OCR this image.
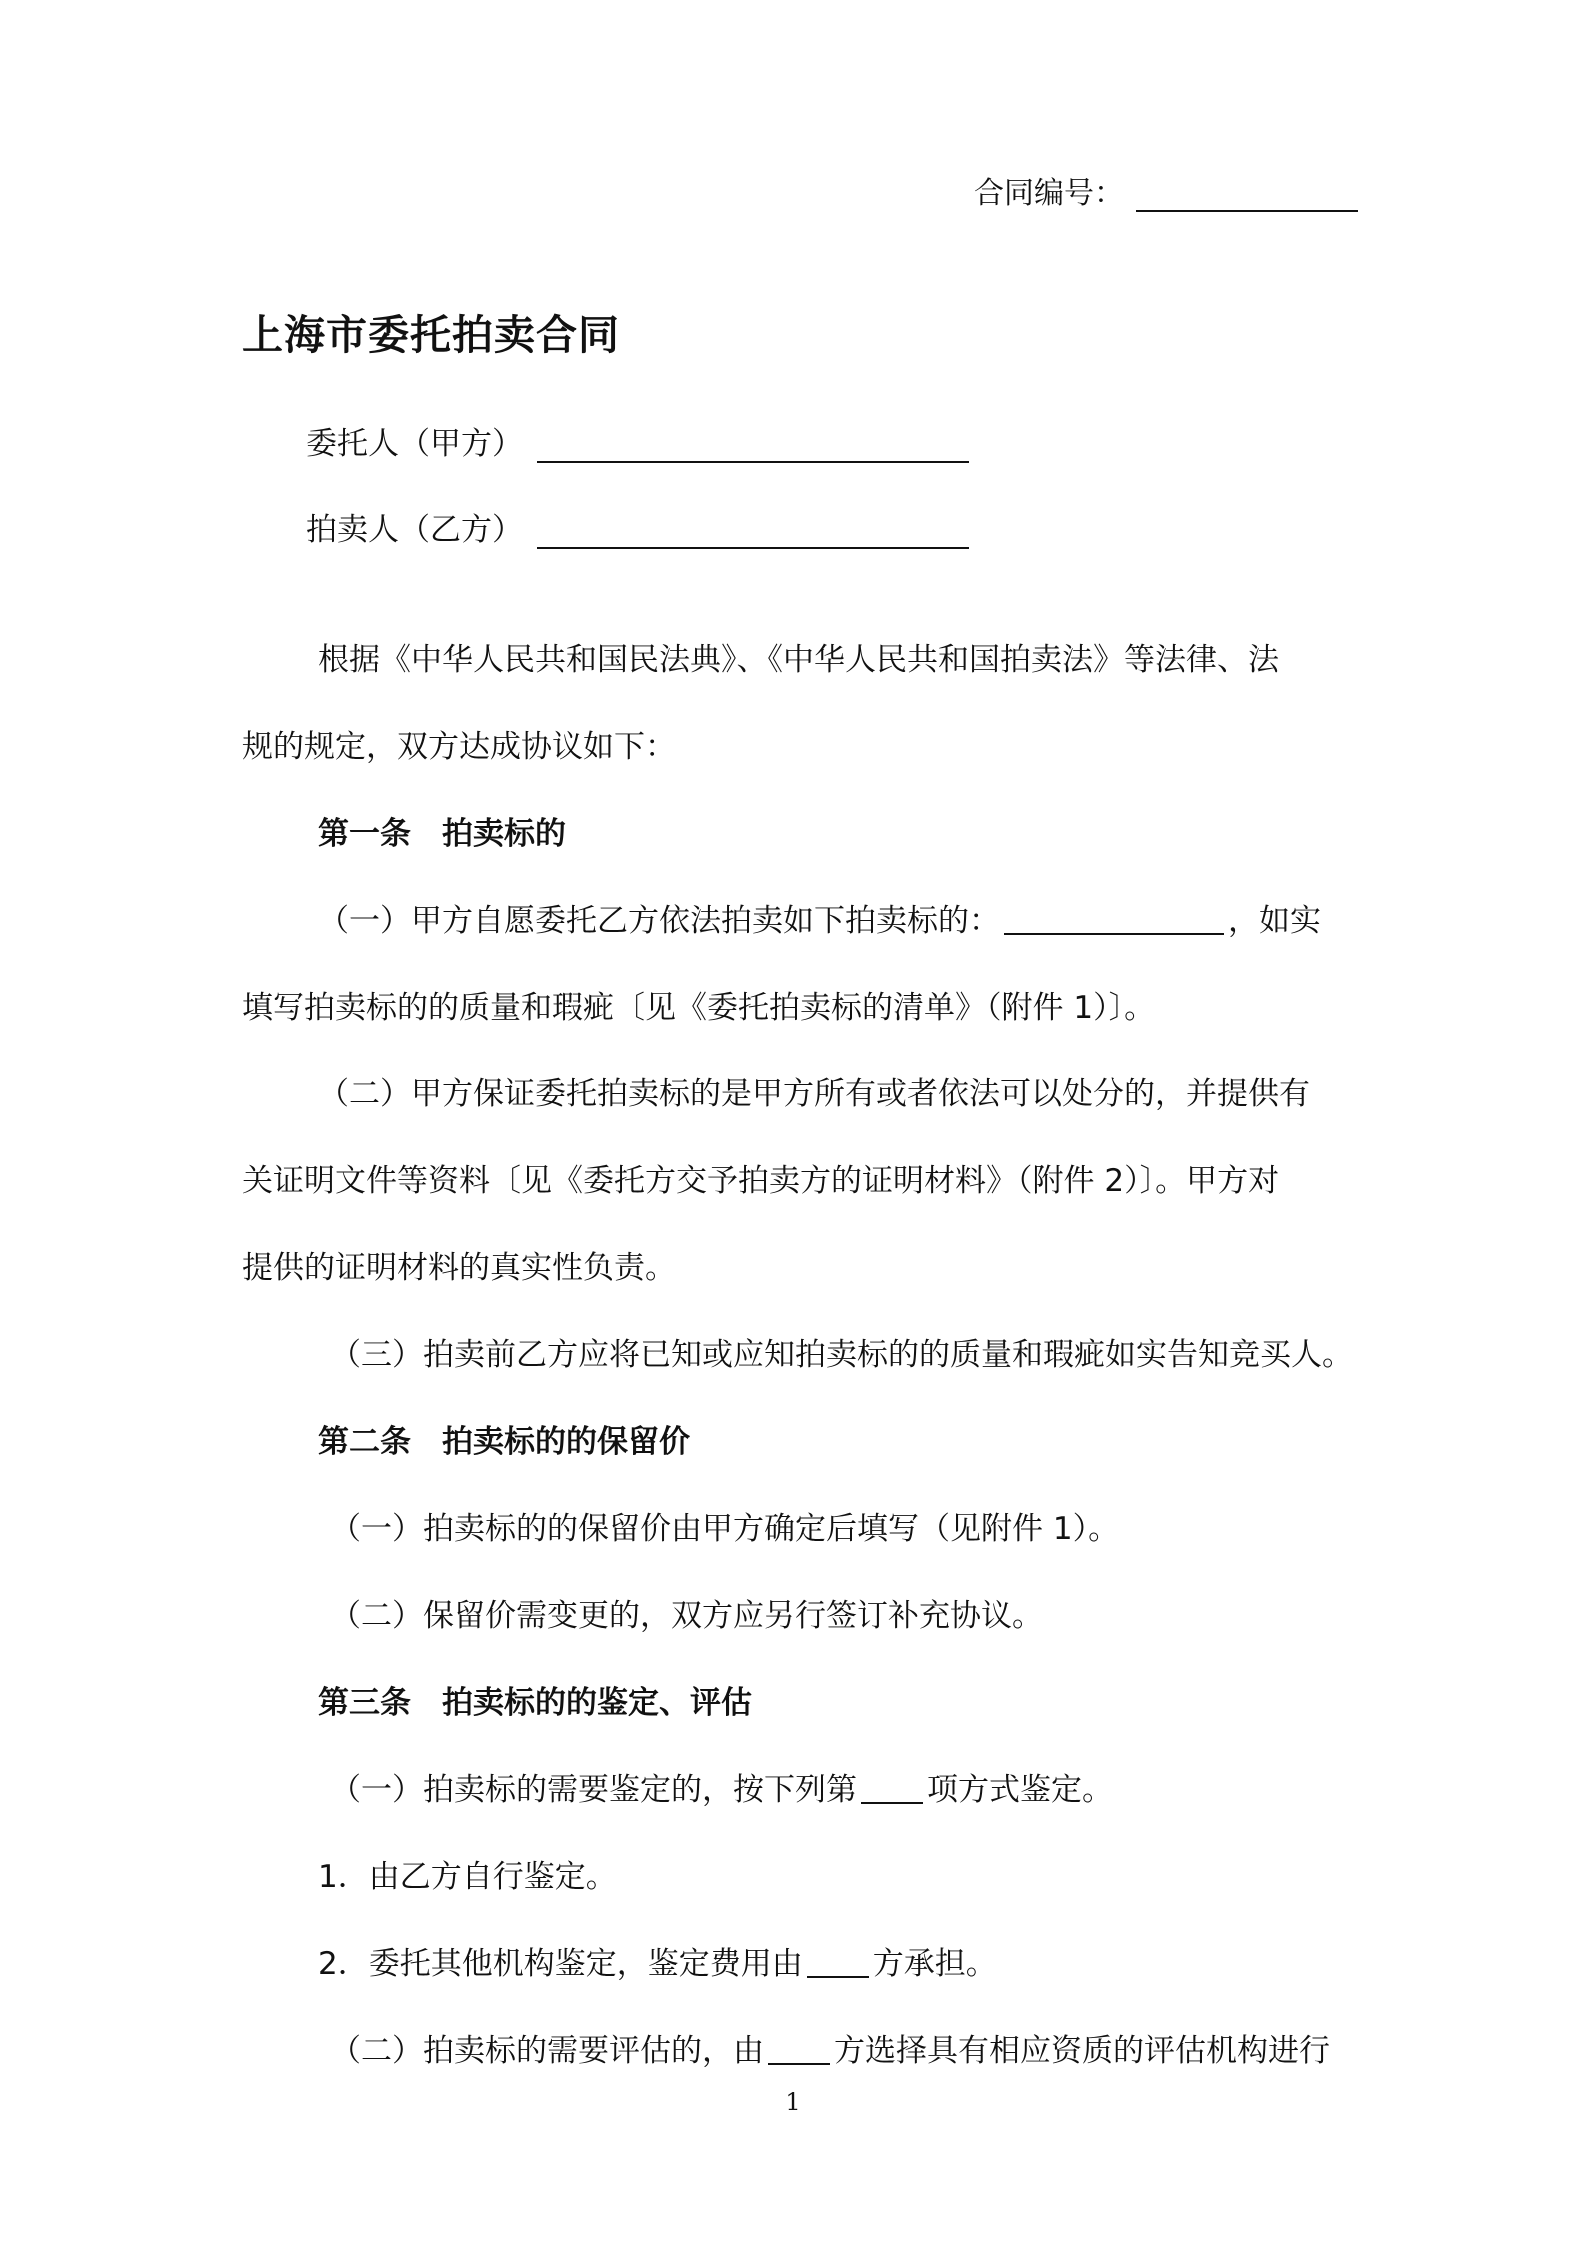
合同编号：
上海市委托拍卖合同
委托人（甲方）
拍卖人（乙方）
根据《中华人民共和国民法典》、《中华人民共和国拍卖法》等法律、法
规的规定，双方达成协议如下：
第一条　拍卖标的
（一）甲方自愿委托乙方依法拍卖如下拍卖标的：	，如实
填写拍卖标的的质量和瑕疵〔见《委托拍卖标的清单》（附件 1）〕。
（二）甲方保证委托拍卖标的是甲方所有或者依法可以处分的，并提供有
关证明文件等资料〔见《委托方交予拍卖方的证明材料》（附件 2）〕。甲方对
提供的证明材料的真实性负责。
（三）拍卖前乙方应将已知或应知拍卖标的的质量和瑕疵如实告知竞买人。
第二条　拍卖标的的保留价
（一）拍卖标的的保留价由甲方确定后填写（见附件 1）。
（二）保留价需变更的，双方应另行签订补充协议。
第三条　拍卖标的的鉴定、评估
（一）拍卖标的需要鉴定的，按下列第 项方式鉴定。
1．由乙方自行鉴定。
2．委托其他机构鉴定，鉴定费用由 方承担。
（二）拍卖标的需要评估的，由 方选择具有相应资质的评估机构进行
1
